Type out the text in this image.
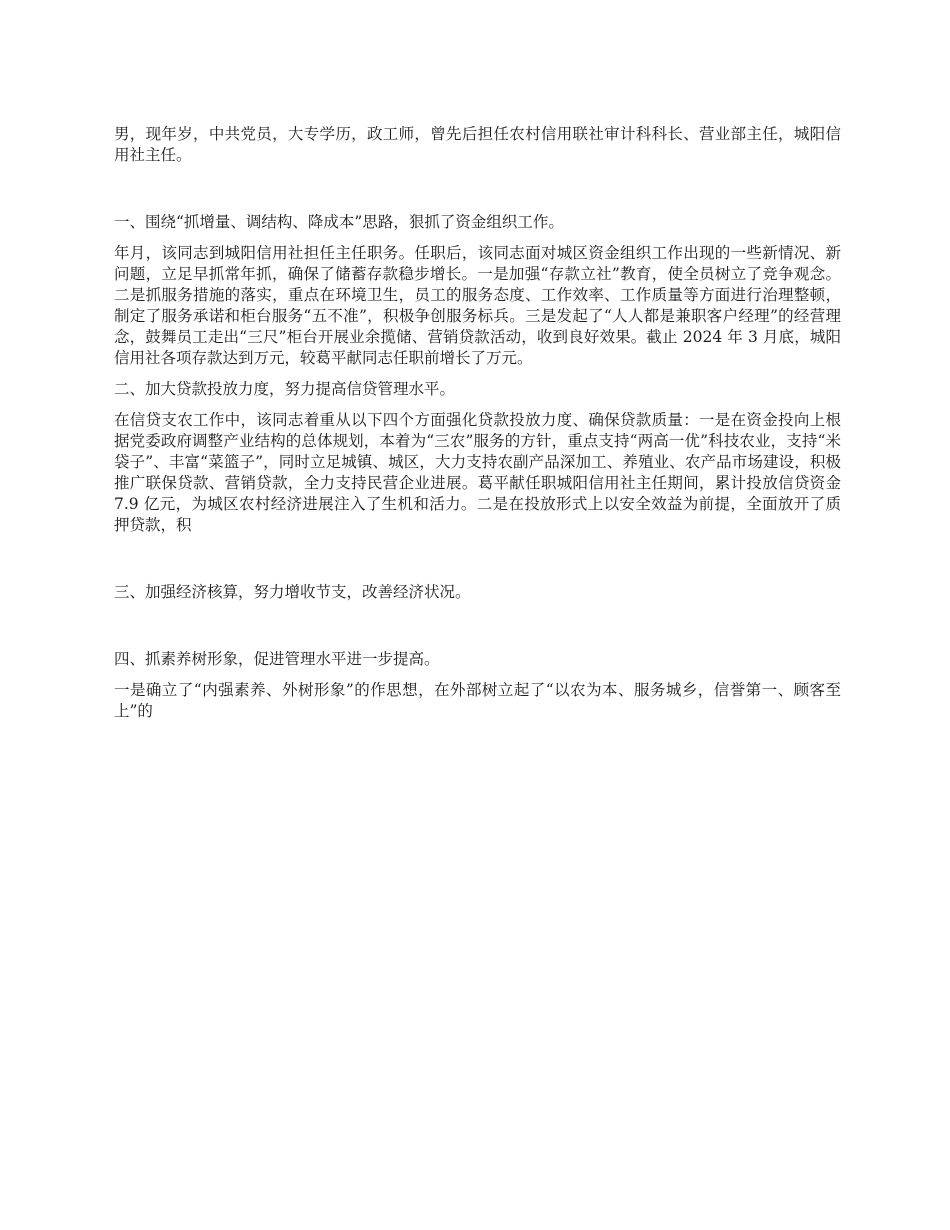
男，现年岁，中共党员，大专学历，政工师，曾先后担任农村信用联社审计科科长、营业部主任，城阳信用社主任。

一、围绕“抓增量、调结构、降成本”思路，狠抓了资金组织工作。

年月，该同志到城阳信用社担任主任职务。任职后，该同志面对城区资金组织工作出现的一些新情况、新问题，立足早抓常年抓，确保了储蓄存款稳步增长。一是加强“存款立社”教育，使全员树立了竞争观念。二是抓服务措施的落实，重点在环境卫生，员工的服务态度、工作效率、工作质量等方面进行治理整顿，制定了服务承诺和柜台服务“五不准”，积极争创服务标兵。三是发起了“人人都是兼职客户经理”的经营理念，鼓舞员工走出“三尺”柜台开展业余揽储、营销贷款活动，收到良好效果。截止 2024 年 3 月底，城阳信用社各项存款达到万元，较葛平献同志任职前增长了万元。

二、加大贷款投放力度，努力提高信贷管理水平。

在信贷支农工作中，该同志着重从以下四个方面强化贷款投放力度、确保贷款质量：一是在资金投向上根据党委政府调整产业结构的总体规划，本着为“三农”服务的方针，重点支持“两高一优”科技农业，支持“米袋子”、丰富“菜篮子”，同时立足城镇、城区，大力支持农副产品深加工、养殖业、农产品市场建设，积极推广联保贷款、营销贷款，全力支持民营企业进展。葛平献任职城阳信用社主任期间，累计投放信贷资金 7.9 亿元，为城区农村经济进展注入了生机和活力。二是在投放形式上以安全效益为前提，全面放开了质押贷款，积

三、加强经济核算，努力增收节支，改善经济状况。

四、抓素养树形象，促进管理水平进一步提高。

一是确立了“内强素养、外树形象”的作思想，在外部树立起了“以农为本、服务城乡，信誉第一、顾客至上”的
